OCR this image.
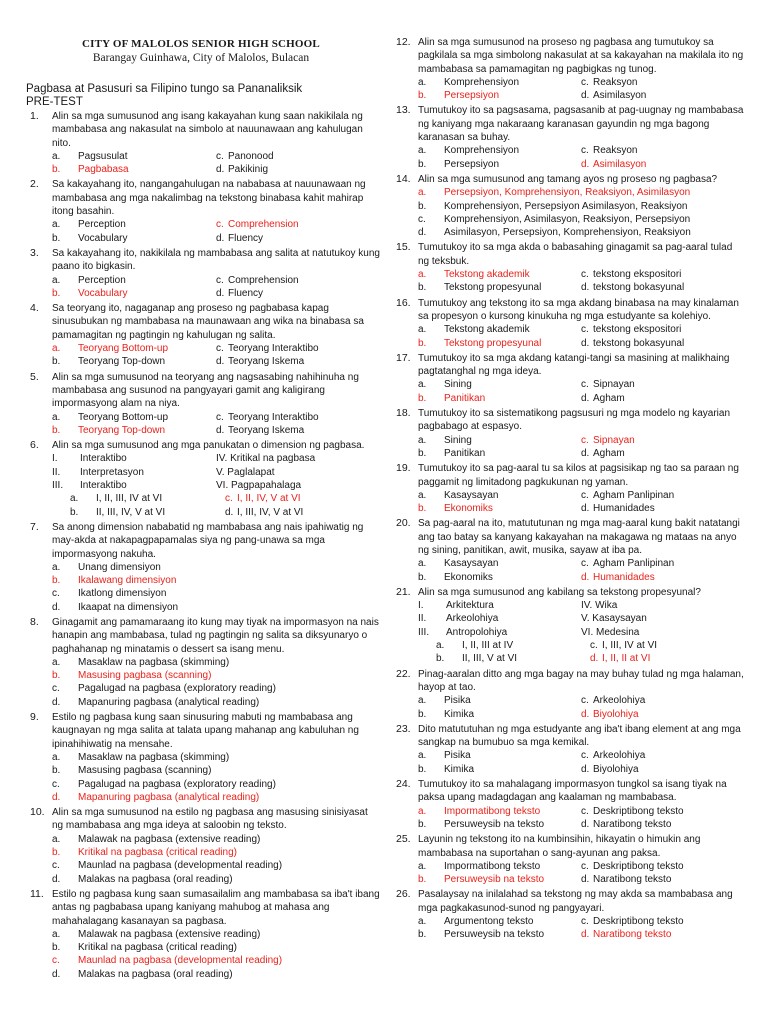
CITY OF MALOLOS SENIOR HIGH SCHOOL
Barangay Guinhawa, City of Malolos, Bulacan
Pagbasa at Pasusuri sa Filipino tungo sa Pananaliksik
PRE-TEST
1. Alin sa mga sumusunod ang isang kakayahan kung saan nakikilala ng mambabasa ang nakasulat na simbolo at nauunawaan ang kahulugan nito.
a.	Pagsusulat	c. Panonood
b.	Pagbabasa	d. Pakikinig
2. Sa kakayahang ito, nangangahulugan na nababasa at nauunawaan ng mambabasa ang mga nakalimbag na tekstong binabasa kahit mahirap itong basahin.
a.	Perception	c. Comprehension
b.	Vocabulary	d. Fluency
3. Sa kakayahang ito, nakikilala ng mambabasa ang salita at natutukoy kung paano ito bigkasin.
a.	Perception	c. Comprehension
b.	Vocabulary	d. Fluency
4. Sa teoryang ito, nagaganap ang proseso ng pagbabasa kapag sinusubukan ng mambabasa na maunawaan ang wika na binabasa sa pamamagitan ng pagtingin ng kahulugan ng salita.
a.	Teoryang Bottom-up	c. Teoryang Interaktibo
b.	Teoryang Top-down	d. Teoryang Iskema
5. Alin sa mga sumusunod na teoryang ang nagsasabing nahihinuha ng mambabasa ang susunod na pangyayari gamit ang kaligirang impormasyong alam na niya.
a.	Teoryang Bottom-up	c. Teoryang Interaktibo
b.	Teoryang Top-down	d. Teoryang Iskema
6. Alin sa mga sumusunod ang mga panukatan o dimension ng pagbasa.
I.	Interaktibo	IV. Kritikal na pagbasa
II.	Interpretasyon	V. Paglalapat
III.	Interaktibo	VI. Pagpapahalaga
a.	I, II, III, IV at VI	c. I, II, IV, V at VI
b.	II, III, IV, V at VI	d. I, III, IV, V at VI
7. Sa anong dimension nababatid ng mambabasa ang nais ipahiwatig ng may-akda at nakapagpapamalas siya ng pang-unawa sa mga impormasyong nakuha.
a.	Unang dimensiyon
b.	Ikalawang dimensiyon
c.	Ikatlong dimensiyon
d.	Ikaapat na dimensiyon
8. Ginagamit ang pamamaraang ito kung may tiyak na impormasyon na nais hanapin ang mambabasa, tulad ng pagtingin ng salita sa diksyunaryo o paghahanap ng minatamis o dessert sa isang menu.
a.	Masaklaw na pagbasa (skimming)
b.	Masusing pagbasa (scanning)
c.	Pagalugad na pagbasa (exploratory reading)
d.	Mapanuring pagbasa (analytical reading)
9. Estilo ng pagbasa kung saan sinusuring mabuti ng mambabasa ang kaugnayan ng mga salita at talata upang mahanap ang kabuluhan ng ipinahihiwatig na mensahe.
a.	Masaklaw na pagbasa (skimming)
b.	Masusing pagbasa (scanning)
c.	Pagalugad na pagbasa (exploratory reading)
d.	Mapanuring pagbasa (analytical reading)
10. Alin sa mga sumusunod na estilo ng pagbasa ang masusing sinisiyasat ng mambabasa ang mga ideya at saloobin ng teksto.
a.	Malawak na pagbasa (extensive reading)
b.	Kritikal na pagbasa (critical reading)
c.	Maunlad na pagbasa (developmental reading)
d.	Malakas na pagbasa (oral reading)
11. Estilo ng pagbasa kung saan sumasailalim ang mambabasa sa iba't ibang antas ng pagbabasa upang kaniyang mahubog at mahasa ang mahahalagang kasanayan sa pagbasa.
a.	Malawak na pagbasa (extensive reading)
b.	Kritikal na pagbasa (critical reading)
c.	Maunlad na pagbasa (developmental reading)
d.	Malakas na pagbasa (oral reading)
12. Alin sa mga sumusunod na proseso ng pagbasa ang tumutukoy sa pagkilala sa mga simbolong nakasulat at sa kakayahan na makilala ito ng mambabasa sa pamamagitan ng pagbigkas ng tunog.
a.	Komprehensiyon	c. Reaksyon
b.	Persepsiyon	d. Asimilasyon
13. Tumutukoy ito sa pagsasama, pagsasanib at pag-uugnay ng mambabasa ng kaniyang mga nakaraang karanasan gayundin ng mga bagong karanasan sa buhay.
a.	Komprehensiyon	c. Reaksyon
b.	Persepsiyon	d. Asimilasyon
14. Alin sa mga sumusunod ang tamang ayos ng proseso ng pagbasa?
a.	Persepsiyon, Komprehensiyon, Reaksiyon, Asimilasyon
b.	Komprehensiyon, Persepsiyon Asimilasyon, Reaksiyon
c.	Komprehensiyon, Asimilasyon, Reaksiyon, Persepsiyon
d.	Asimilasyon, Persepsiyon, Komprehensiyon, Reaksiyon
15. Tumutukoy ito sa mga akda o babasahing ginagamit sa pag-aaral tulad ng teksbuk.
a.	Tekstong akademik	c. tekstong ekspositori
b.	Tekstong propesyunal	d. tekstong bokasyunal
16. Tumutukoy ang tekstong ito sa mga akdang binabasa na may kinalaman sa propesyon o kursong kinukuha ng mga estudyante sa kolehiyo.
a.	Tekstong akademik	c. tekstong ekspositori
b.	Tekstong propesyunal	d. tekstong bokasyunal
17. Tumutukoy ito sa mga akdang katangi-tangi sa masining at malikhaing pagtatanghal ng mga ideya.
a.	Sining	c. Sipnayan
b.	Panitikan	d. Agham
18. Tumutukoy ito sa sistematikong pagsusuri ng mga modelo ng kayarian pagbabago at espasyo.
a.	Sining	c. Sipnayan
b.	Panitikan	d. Agham
19. Tumutukoy ito sa pag-aaral tu sa kilos at pagsisikap ng tao sa paraan ng paggamit ng limitadong pagkukunan ng yaman.
a.	Kasaysayan	c. Agham Panlipinan
b.	Ekonomiks	d. Humanidades
20. Sa pag-aaral na ito, matututunan ng mga mag-aaral kung bakit natatangi ang tao batay sa kanyang kakayahan na makagawa ng mataas na anyo ng sining, panitikan, awit, musika, sayaw at iba pa.
a.	Kasaysayan	c. Agham Panlipinan
b.	Ekonomiks	d. Humanidades
21. Alin sa mga sumusunod ang kabilang sa tekstong propesyunal?
I.	Arkitektura	IV. Wika
II.	Arkeolohiya	V. Kasaysayan
III.	Antropolohiya	VI. Medesina
a.	I, II, III at IV	c. I, III, IV at VI
b.	II, III, V at VI	d. I, II, II at VI
22. Pinag-aaralan ditto ang mga bagay na may buhay tulad ng mga halaman, hayop at tao.
a.	Pisika	c. Arkeolohiya
b.	Kimika	d. Biyolohiya
23. Dito matututuhan ng mga estudyante ang iba't ibang element at ang mga sangkap na bumubuo sa mga kemikal.
a.	Pisika	c. Arkeolohiya
b.	Kimika	d. Biyolohiya
24. Tumutukoy ito sa mahalagang impormasyon tungkol sa isang tiyak na paksa upang madagdagan ang kaalaman ng mambabasa.
a.	Impormatibong teksto	c. Deskriptibong teksto
b.	Persuweysib na teksto	d. Naratibong teksto
25. Layunin ng tekstong ito na kumbinsihin, hikayatin o himukin ang mambabasa na suportahan o sang-ayunan ang paksa.
a.	Impormatibong teksto	c. Deskriptibong teksto
b.	Persuweysib na teksto	d. Naratibong teksto
26. Pasalaysay na inilalahad sa tekstong ng may akda sa mambabasa ang mga pagkakasunod-sunod ng pangyayari.
a.	Argumentong teksto	c. Deskriptibong teksto
b.	Persuweysib na teksto	d. Naratibong teksto
